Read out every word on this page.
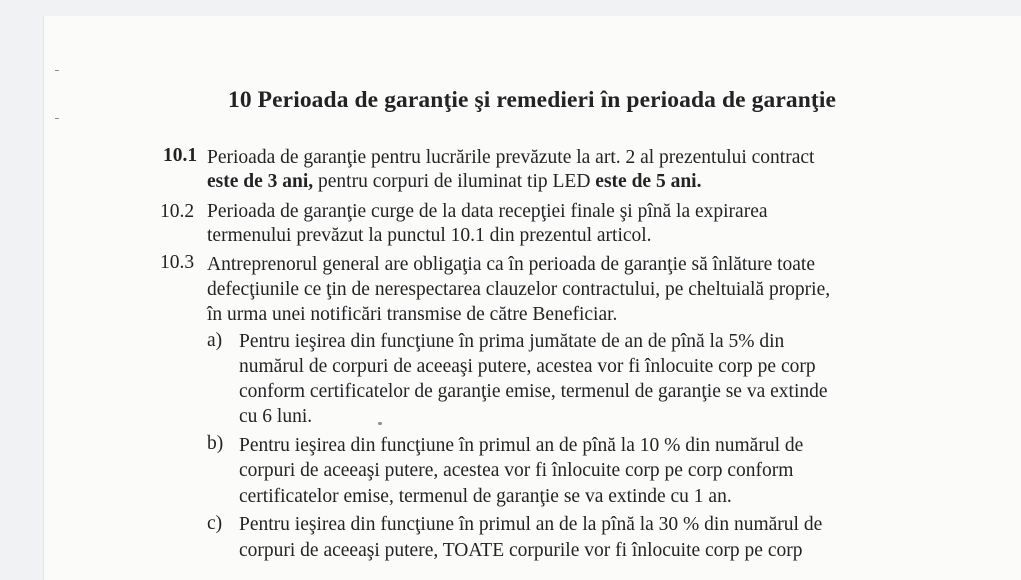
10 Perioada de garanţie şi remedieri în perioada de garanţie
10.1 Perioada de garanţie pentru lucrările prevăzute la art. 2 al prezentului contract
este de 3 ani, pentru corpuri de iluminat tip LED este de 5 ani.
10.2 Perioada de garanţie curge de la data recepţiei finale şi pînă la expirarea
termenului prevăzut la punctul 10.1 din prezentul articol.
10.3 Antreprenorul general are obligaţia ca în perioada de garanţie să înlăture toate
defecţiunile ce ţin de nerespectarea clauzelor contractului, pe cheltuială proprie,
în urma unei notificări transmise de către Beneficiar.
a) Pentru ieşirea din funcţiune în prima jumătate de an de pînă la 5% din
numărul de corpuri de aceeaşi putere, acestea vor fi înlocuite corp pe corp
conform certificatelor de garanţie emise, termenul de garanţie se va extinde
cu 6 luni.
b) Pentru ieşirea din funcţiune în primul an de pînă la 10 % din numărul de
corpuri de aceeaşi putere, acestea vor fi înlocuite corp pe corp conform
certificatelor emise, termenul de garanţie se va extinde cu 1 an.
c) Pentru ieşirea din funcţiune în primul an de la pînă la 30 % din numărul de
corpuri de aceeaşi putere, TOATE corpurile vor fi înlocuite corp pe corp
